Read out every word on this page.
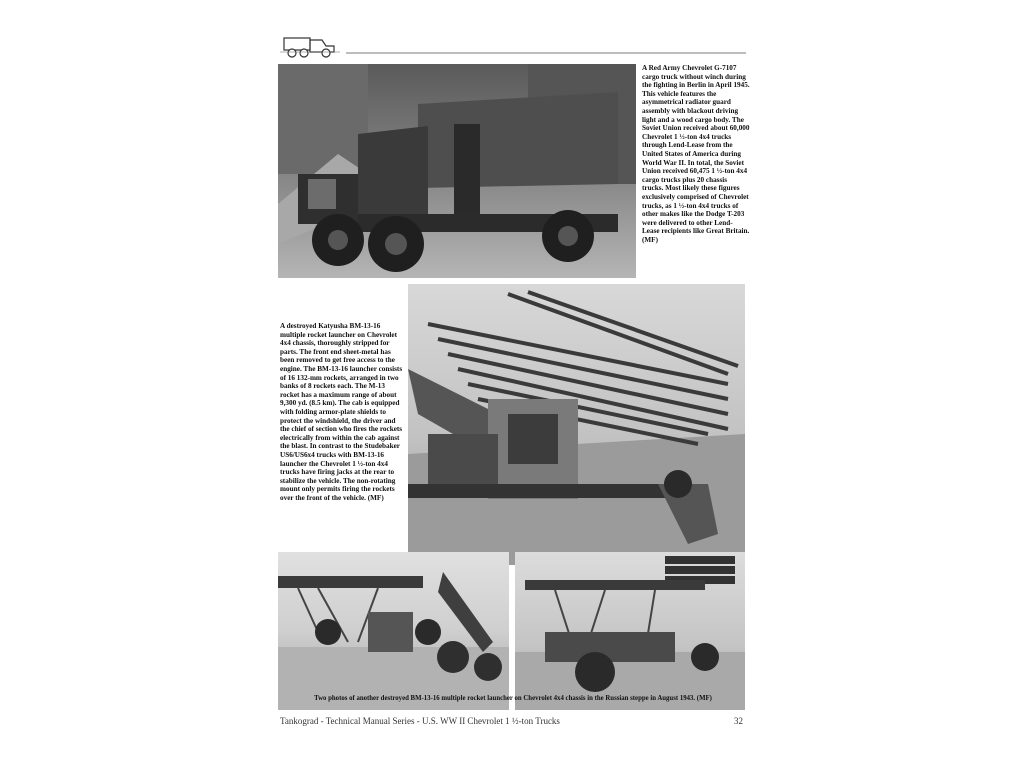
A Red Army Chevrolet G-7107 cargo truck without winch during the fighting in Berlin in April 1945. This vehicle features the asymmetrical radiator guard assembly with blackout driving light and a wood cargo body. The Soviet Union received about 60,000 Chevrolet 1 ½-ton 4x4 trucks through Lend-Lease from the United States of America during World War II. In total, the Soviet Union received 60,475 1 ½-ton 4x4 cargo trucks plus 20 chassis trucks. Most likely these figures exclusively comprised of Chevrolet trucks, as 1 ½-ton 4x4 trucks of other makes like the Dodge T-203 were delivered to other Lend-Lease recipients like Great Britain. (MF)
A destroyed Katyusha BM-13-16 multiple rocket launcher on Chevrolet 4x4 chassis, thoroughly stripped for parts. The front end sheet-metal has been removed to get free access to the engine. The BM-13-16 launcher consists of 16 132-mm rockets, arranged in two banks of 8 rockets each. The M-13 rocket has a maximum range of about 9,300 yd. (8.5 km). The cab is equipped with folding armor-plate shields to protect the windshield, the driver and the chief of section who fires the rockets electrically from within the cab against the blast. In contrast to the Studebaker US6/US6x4 trucks with BM-13-16 launcher the Chevrolet 1 ½-ton 4x4 trucks have firing jacks at the rear to stabilize the vehicle. The non-rotating mount only permits firing the rockets over the front of the vehicle. (MF)
Two photos of another destroyed BM-13-16 multiple rocket launcher on Chevrolet 4x4 chassis in the Russian steppe in August 1943. (MF)
Tankograd - Technical Manual Series - U.S. WW II Chevrolet 1 ½-ton Trucks	32
